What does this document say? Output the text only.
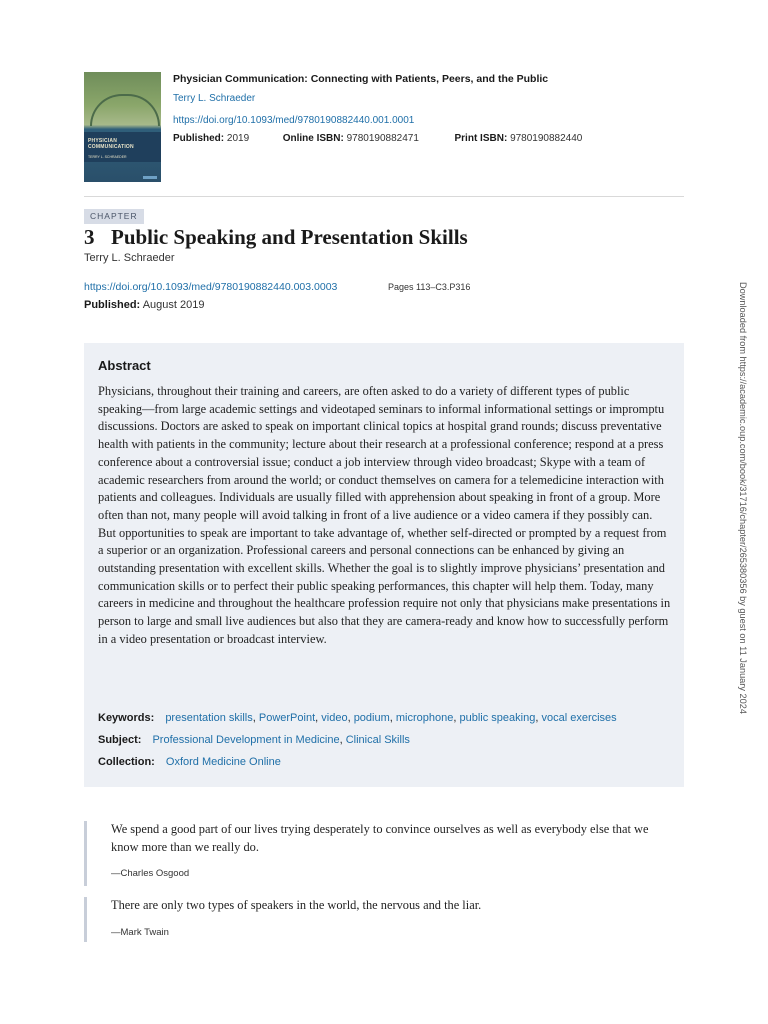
PHYSICIAN COMMUNICATION
TERRY L. SCHRAEDER
Physician Communication: Connecting with Patients, Peers, and the Public
Terry L. Schraeder
https://doi.org/10.1093/med/9780190882440.001.0001
Published: 2019	Online ISBN: 9780190882471	Print ISBN: 9780190882440
CHAPTER
3 Public Speaking and Presentation Skills
Terry L. Schraeder
https://doi.org/10.1093/med/9780190882440.003.0003	Pages 113–C3.P316
Published: August 2019
Abstract
Physicians, throughout their training and careers, are often asked to do a variety of different types of public speaking—from large academic settings and videotaped seminars to informal informational settings or impromptu discussions. Doctors are asked to speak on important clinical topics at hospital grand rounds; discuss preventative health with patients in the community; lecture about their research at a professional conference; respond at a press conference about a controversial issue; conduct a job interview through video broadcast; Skype with a team of academic researchers from around the world; or conduct themselves on camera for a telemedicine interaction with patients and colleagues. Individuals are usually filled with apprehension about speaking in front of a group. More often than not, many people will avoid talking in front of a live audience or a video camera if they possibly can. But opportunities to speak are important to take advantage of, whether self-directed or prompted by a request from a superior or an organization. Professional careers and personal connections can be enhanced by giving an outstanding presentation with excellent skills. Whether the goal is to slightly improve physicians’ presentation and communication skills or to perfect their public speaking performances, this chapter will help them. Today, many careers in medicine and throughout the healthcare profession require not only that physicians make presentations in person to large and small live audiences but also that they are camera-ready and know how to successfully perform in a video presentation or broadcast interview.
Keywords: presentation skills, PowerPoint, video, podium, microphone, public speaking, vocal exercises
Subject: Professional Development in Medicine, Clinical Skills
Collection: Oxford Medicine Online
We spend a good part of our lives trying desperately to convince ourselves as well as everybody else that we know more than we really do.
—Charles Osgood
There are only two types of speakers in the world, the nervous and the liar.
—Mark Twain
Downloaded from https://academic.oup.com/book/31716/chapter/265380356 by guest on 11 January 2024
